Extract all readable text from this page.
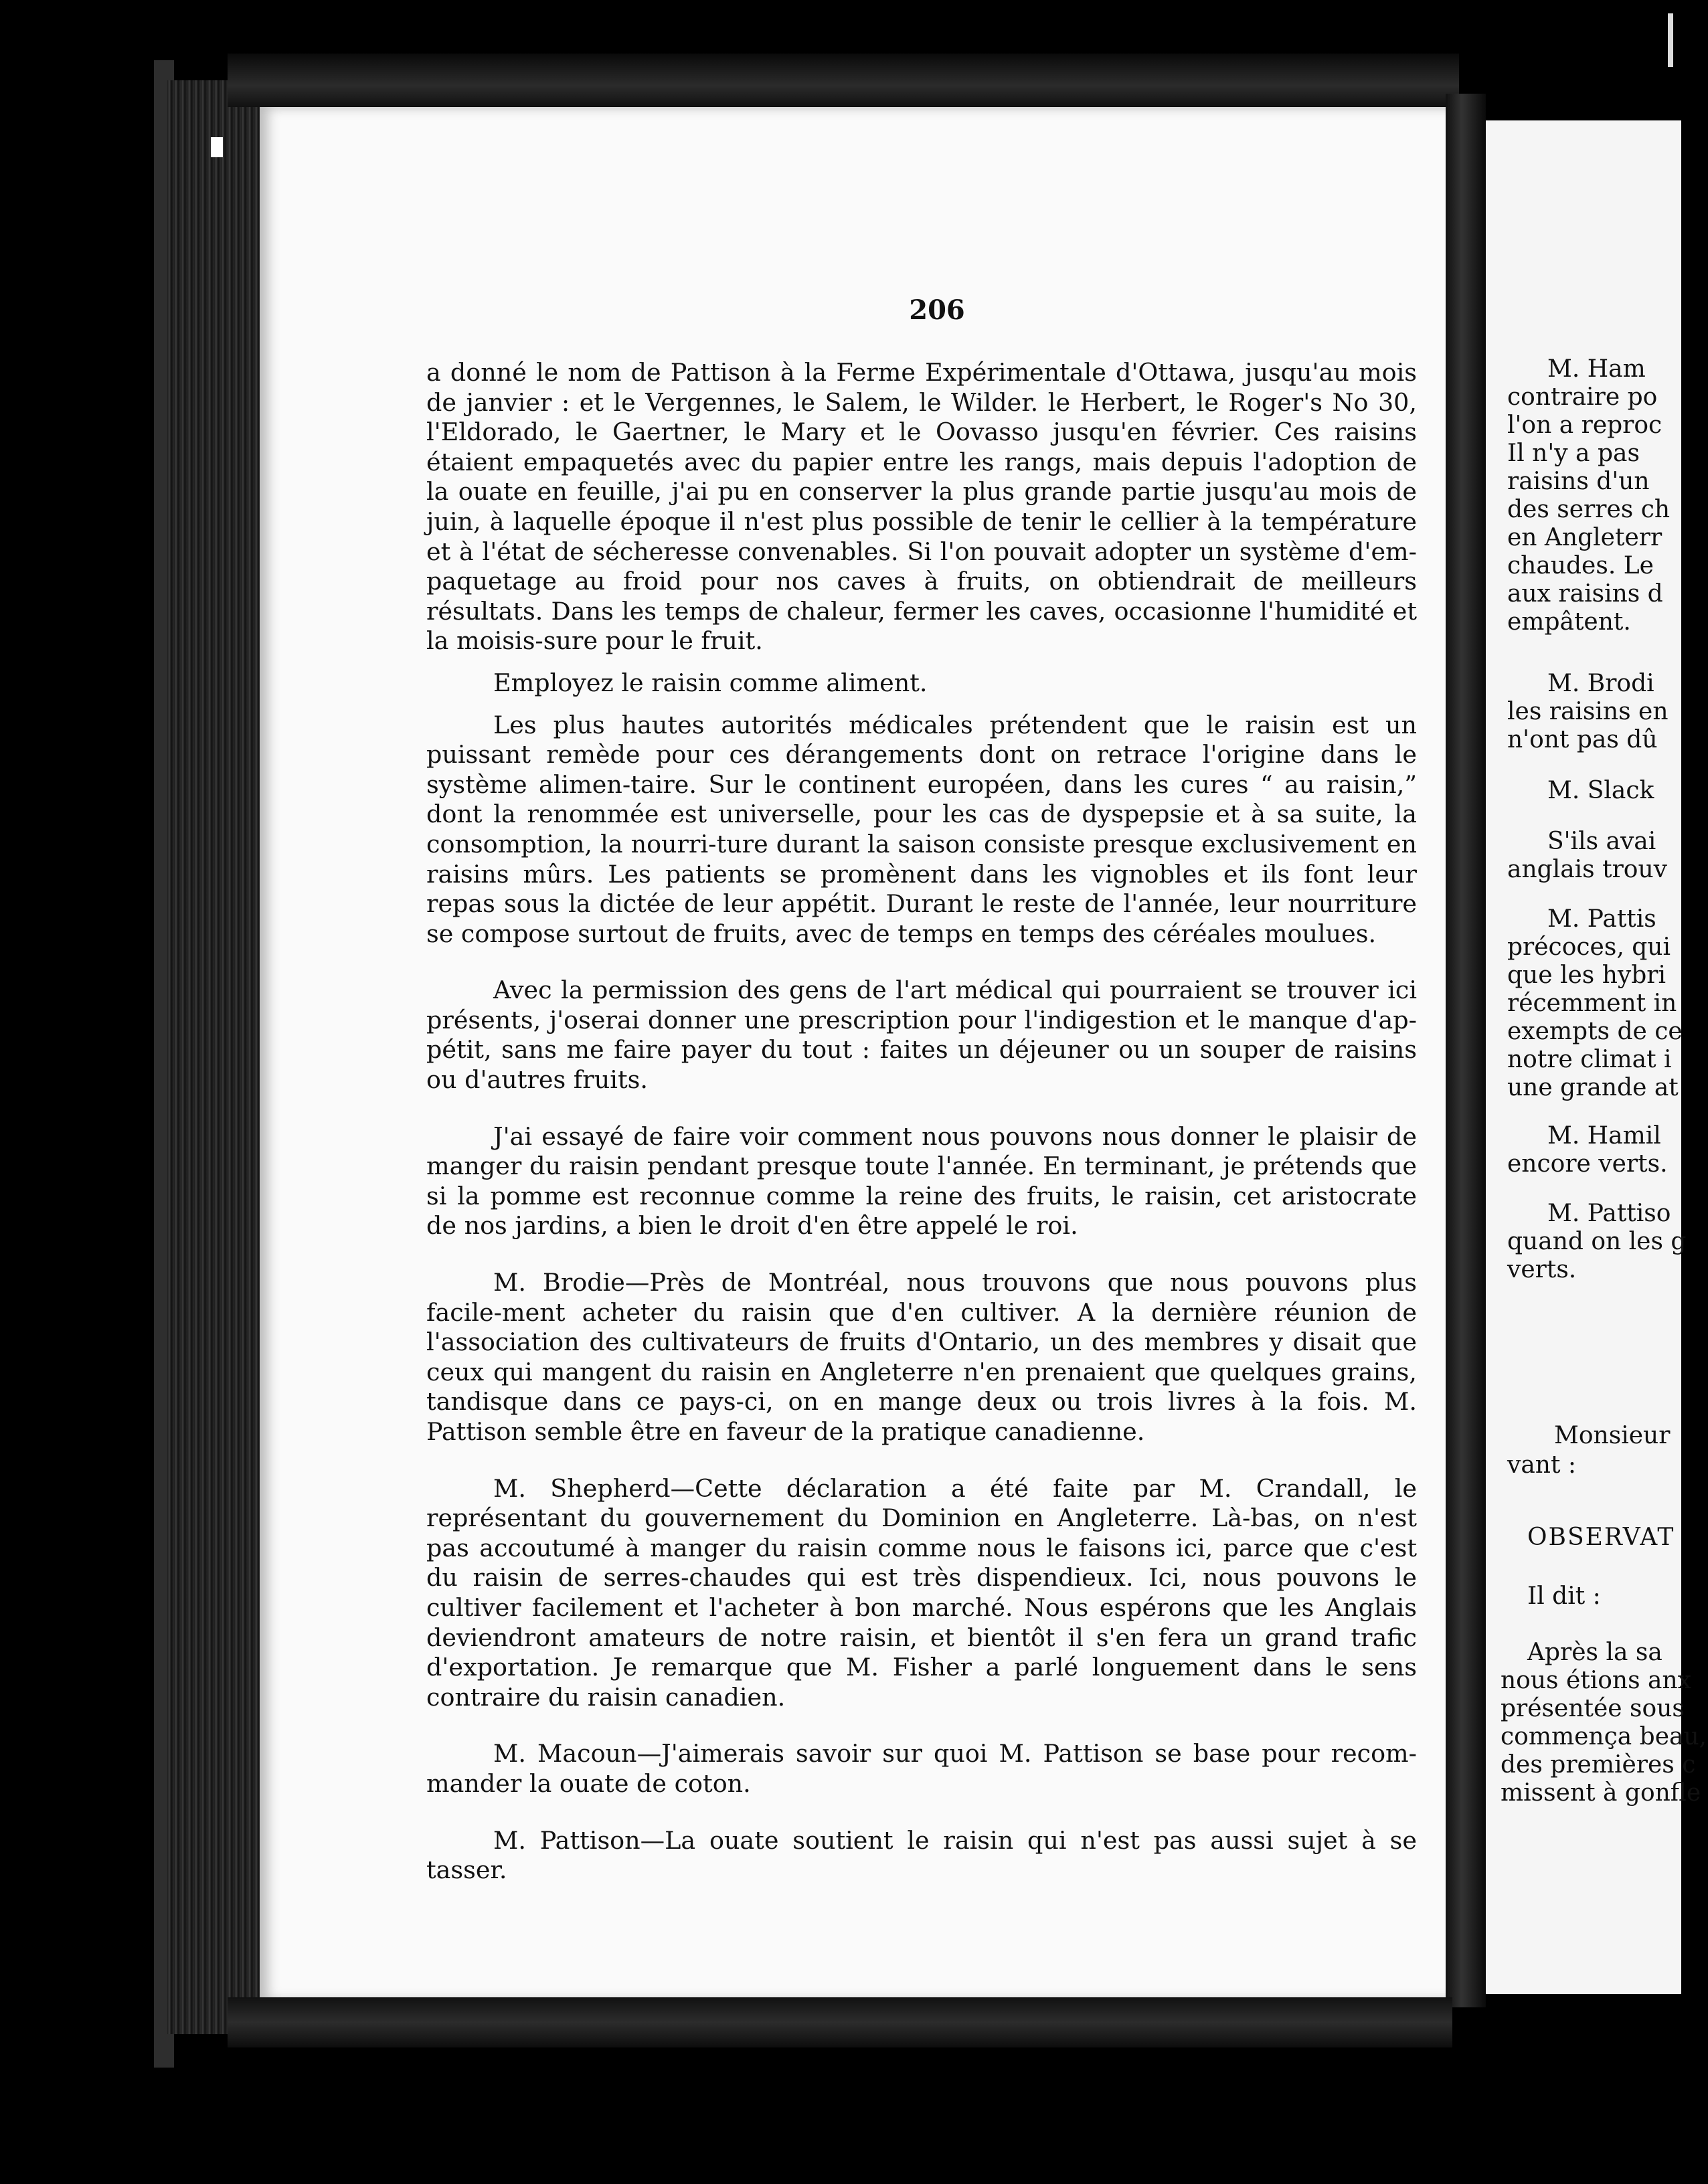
206

a donné le nom de Pattison à la Ferme Expérimentale d'Ottawa, jusqu'au mois de janvier : et le Vergennes, le Salem, le Wilder. le Herbert, le Roger's No 30, l'Eldorado, le Gaertner, le Mary et le Oovasso jusqu'en février. Ces raisins étaient empaquetés avec du papier entre les rangs, mais depuis l'adoption de la ouate en feuille, j'ai pu en conserver la plus grande partie jusqu'au mois de juin, à laquelle époque il n'est plus possible de tenir le cellier à la température et à l'état de sécheresse convenables. Si l'on pouvait adopter un système d'em-paquetage au froid pour nos caves à fruits, on obtiendrait de meilleurs résultats. Dans les temps de chaleur, fermer les caves, occasionne l'humidité et la moisis-sure pour le fruit.

Employez le raisin comme aliment.

Les plus hautes autorités médicales prétendent que le raisin est un puissant remède pour ces dérangements dont on retrace l'origine dans le système alimen-taire. Sur le continent européen, dans les cures “ au raisin,” dont la renommée est universelle, pour les cas de dyspepsie et à sa suite, la consomption, la nourri-ture durant la saison consiste presque exclusivement en raisins mûrs. Les patients se promènent dans les vignobles et ils font leur repas sous la dictée de leur appétit. Durant le reste de l'année, leur nourriture se compose surtout de fruits, avec de temps en temps des céréales moulues.

Avec la permission des gens de l'art médical qui pourraient se trouver ici présents, j'oserai donner une prescription pour l'indigestion et le manque d'ap-pétit, sans me faire payer du tout : faites un déjeuner ou un souper de raisins ou d'autres fruits.

J'ai essayé de faire voir comment nous pouvons nous donner le plaisir de manger du raisin pendant presque toute l'année. En terminant, je prétends que si la pomme est reconnue comme la reine des fruits, le raisin, cet aristocrate de nos jardins, a bien le droit d'en être appelé le roi.

M. Brodie—Près de Montréal, nous trouvons que nous pouvons plus facile-ment acheter du raisin que d'en cultiver. A la dernière réunion de l'association des cultivateurs de fruits d'Ontario, un des membres y disait que ceux qui mangent du raisin en Angleterre n'en prenaient que quelques grains, tandisque dans ce pays-ci, on en mange deux ou trois livres à la fois. M. Pattison semble être en faveur de la pratique canadienne.

M. Shepherd—Cette déclaration a été faite par M. Crandall, le représentant du gouvernement du Dominion en Angleterre. Là-bas, on n'est pas accoutumé à manger du raisin comme nous le faisons ici, parce que c'est du raisin de serres-chaudes qui est très dispendieux. Ici, nous pouvons le cultiver facilement et l'acheter à bon marché. Nous espérons que les Anglais deviendront amateurs de notre raisin, et bientôt il s'en fera un grand trafic d'exportation. Je remarque que M. Fisher a parlé longuement dans le sens contraire du raisin canadien.

M. Macoun—J'aimerais savoir sur quoi M. Pattison se base pour recom-mander la ouate de coton.

M. Pattison—La ouate soutient le raisin qui n'est pas aussi sujet à se tasser.

M. Ham
contraire po
l'on a reproc
Il n'y a pas
raisins d'un
des serres ch
en Angleterr
chaudes. Le
aux raisins d
empâtent.
M. Brodi
les raisins en
n'ont pas dû
M. Slack
S'ils avai
anglais trouv
M. Pattis
précoces, qui
que les hybri
récemment in
exempts de ce
notre climat i
une grande at
M. Hamil
encore verts.
M. Pattiso
quand on les g
verts.
Monsieur
vant :
OBSERVAT
Il dit :
Après la sa
nous étions anx
présentée sous
commença beau,
des premières c
missent à gonfle
